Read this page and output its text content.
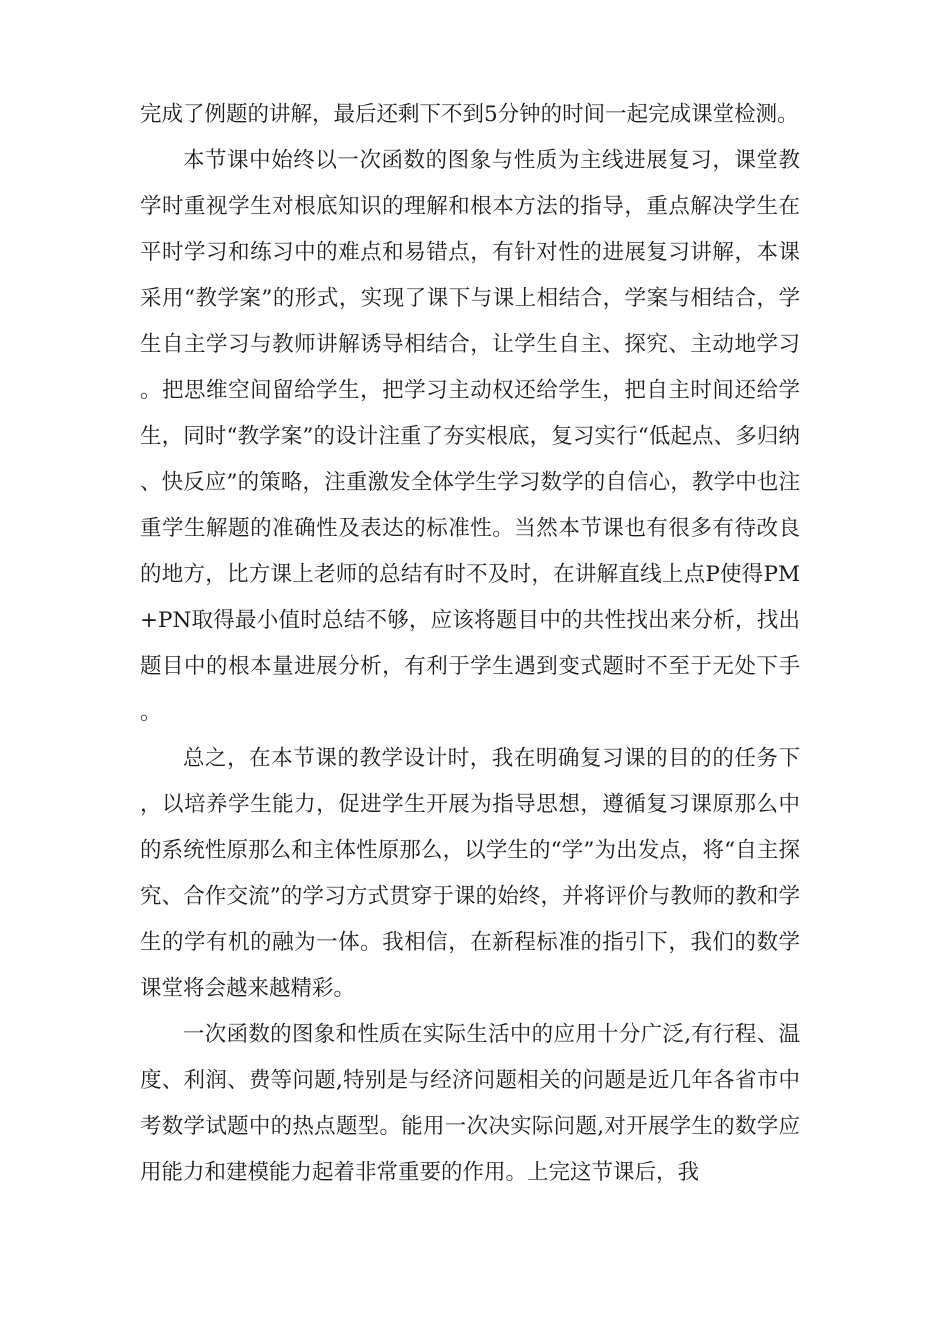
完成了例题的讲解，最后还剩下不到5分钟的时间一起完成课堂检测。

本节课中始终以一次函数的图象与性质为主线进展复习，课堂教学时重视学生对根底知识的理解和根本方法的指导，重点解决学生在平时学习和练习中的难点和易错点，有针对性的进展复习讲解，本课采用“教学案”的形式，实现了课下与课上相结合，学案与相结合，学生自主学习与教师讲解诱导相结合，让学生自主、探究、主动地学习。把思维空间留给学生，把学习主动权还给学生，把自主时间还给学生，同时“教学案”的设计注重了夯实根底，复习实行“低起点、多归纳、快反应”的策略，注重激发全体学生学习数学的自信心，教学中也注重学生解题的准确性及表达的标准性。当然本节课也有很多有待改良的地方，比方课上老师的总结有时不及时，在讲解直线上点P使得PM+PN取得最小值时总结不够，应该将题目中的共性找出来分析，找出题目中的根本量进展分析，有利于学生遇到变式题时不至于无处下手。

总之，在本节课的教学设计时，我在明确复习课的目的的任务下，以培养学生能力，促进学生开展为指导思想，遵循复习课原那么中的系统性原那么和主体性原那么，以学生的“学”为出发点，将“自主探究、合作交流”的学习方式贯穿于课的始终，并将评价与教师的教和学生的学有机的融为一体。我相信，在新程标准的指引下，我们的数学课堂将会越来越精彩。

一次函数的图象和性质在实际生活中的应用十分广泛,有行程、温度、利润、费等问题,特别是与经济问题相关的问题是近几年各省市中考数学试题中的热点题型。能用一次决实际问题,对开展学生的数学应用能力和建模能力起着非常重要的作用。上完这节课后，我
